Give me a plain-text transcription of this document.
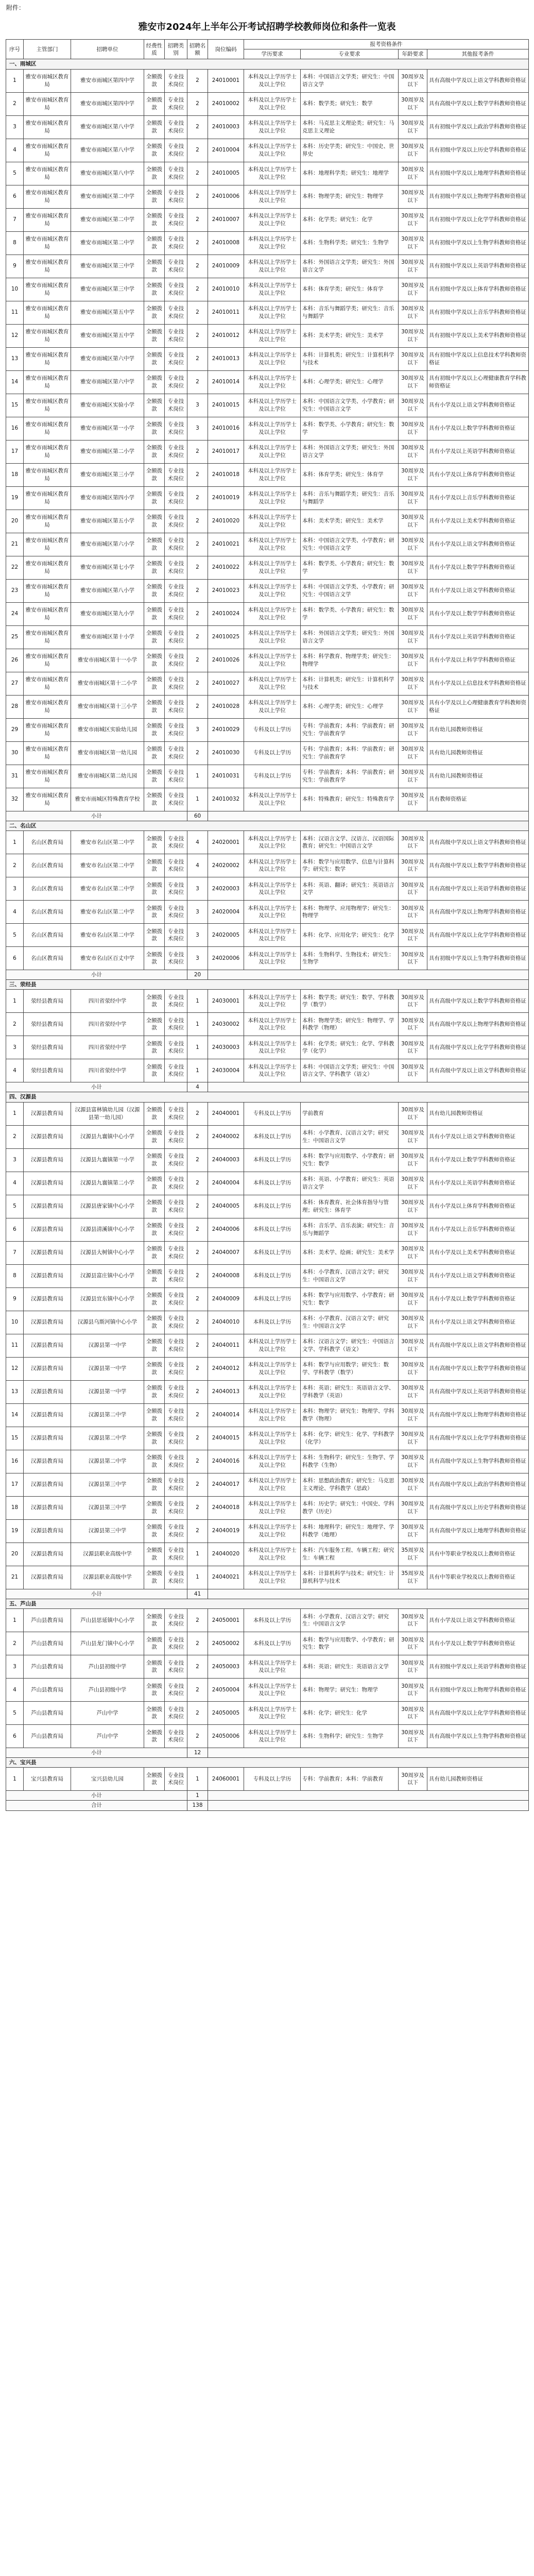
附件：
雅安市2024年上半年公开考试招聘学校教师岗位和条件一览表
序号	主管部门	招聘单位	经费性质	招聘类别	招聘名额	岗位编码	报考资格条件			
							学历要求	专业要求	年龄要求	其他报考条件
一、雨城区										
1	雅安市雨城区教育局	雅安市雨城区第四中学	全额拨款	专业技术岗位	2	24010001	本科及以上学历学士及以上学位	本科：中国语言文学类；研究生：中国语言文学	30周岁及以下	具有高级中学及以上语文学科教师资格证
2	雅安市雨城区教育局	雅安市雨城区第四中学	全额拨款	专业技术岗位	2	24010002	本科及以上学历学士及以上学位	本科：数学类；研究生：数学	30周岁及以下	具有高级中学及以上数学学科教师资格证
3	雅安市雨城区教育局	雅安市雨城区第八中学	全额拨款	专业技术岗位	2	24010003	本科及以上学历学士及以上学位	本科：马克思主义理论类；研究生：马克思主义理论	30周岁及以下	具有初级中学及以上政治学科教师资格证
4	雅安市雨城区教育局	雅安市雨城区第八中学	全额拨款	专业技术岗位	2	24010004	本科及以上学历学士及以上学位	本科：历史学类；研究生：中国史、世界史	30周岁及以下	具有初级中学及以上历史学科教师资格证
5	雅安市雨城区教育局	雅安市雨城区第八中学	全额拨款	专业技术岗位	2	24010005	本科及以上学历学士及以上学位	本科：地理科学类；研究生：地理学	30周岁及以下	具有初级中学及以上地理学科教师资格证
6	雅安市雨城区教育局	雅安市雨城区第二中学	全额拨款	专业技术岗位	2	24010006	本科及以上学历学士及以上学位	本科：物理学类；研究生：物理学	30周岁及以下	具有初级中学及以上物理学科教师资格证
7	雅安市雨城区教育局	雅安市雨城区第二中学	全额拨款	专业技术岗位	2	24010007	本科及以上学历学士及以上学位	本科：化学类；研究生：化学	30周岁及以下	具有初级中学及以上化学学科教师资格证
8	雅安市雨城区教育局	雅安市雨城区第二中学	全额拨款	专业技术岗位	2	24010008	本科及以上学历学士及以上学位	本科：生物科学类；研究生：生物学	30周岁及以下	具有初级中学及以上生物学科教师资格证
9	雅安市雨城区教育局	雅安市雨城区第三中学	全额拨款	专业技术岗位	2	24010009	本科及以上学历学士及以上学位	本科：外国语言文学类；研究生：外国语言文学	30周岁及以下	具有初级中学及以上英语学科教师资格证
10	雅安市雨城区教育局	雅安市雨城区第三中学	全额拨款	专业技术岗位	2	24010010	本科及以上学历学士及以上学位	本科：体育学类；研究生：体育学	30周岁及以下	具有初级中学及以上体育学科教师资格证
11	雅安市雨城区教育局	雅安市雨城区第五中学	全额拨款	专业技术岗位	2	24010011	本科及以上学历学士及以上学位	本科：音乐与舞蹈学类；研究生：音乐与舞蹈学	30周岁及以下	具有初级中学及以上音乐学科教师资格证
12	雅安市雨城区教育局	雅安市雨城区第五中学	全额拨款	专业技术岗位	2	24010012	本科及以上学历学士及以上学位	本科：美术学类；研究生：美术学	30周岁及以下	具有初级中学及以上美术学科教师资格证
13	雅安市雨城区教育局	雅安市雨城区第六中学	全额拨款	专业技术岗位	2	24010013	本科及以上学历学士及以上学位	本科：计算机类；研究生：计算机科学与技术	30周岁及以下	具有初级中学及以上信息技术学科教师资格证
14	雅安市雨城区教育局	雅安市雨城区第六中学	全额拨款	专业技术岗位	2	24010014	本科及以上学历学士及以上学位	本科：心理学类；研究生：心理学	30周岁及以下	具有初级中学及以上心理健康教育学科教师资格证
15	雅安市雨城区教育局	雅安市雨城区实验小学	全额拨款	专业技术岗位	3	24010015	本科及以上学历学士及以上学位	本科：中国语言文学类、小学教育；研究生：中国语言文学	30周岁及以下	具有小学及以上语文学科教师资格证
16	雅安市雨城区教育局	雅安市雨城区第一小学	全额拨款	专业技术岗位	3	24010016	本科及以上学历学士及以上学位	本科：数学类、小学教育；研究生：数学	30周岁及以下	具有小学及以上数学学科教师资格证
17	雅安市雨城区教育局	雅安市雨城区第二小学	全额拨款	专业技术岗位	2	24010017	本科及以上学历学士及以上学位	本科：外国语言文学类；研究生：外国语言文学	30周岁及以下	具有小学及以上英语学科教师资格证
18	雅安市雨城区教育局	雅安市雨城区第三小学	全额拨款	专业技术岗位	2	24010018	本科及以上学历学士及以上学位	本科：体育学类；研究生：体育学	30周岁及以下	具有小学及以上体育学科教师资格证
19	雅安市雨城区教育局	雅安市雨城区第四小学	全额拨款	专业技术岗位	2	24010019	本科及以上学历学士及以上学位	本科：音乐与舞蹈学类；研究生：音乐与舞蹈学	30周岁及以下	具有小学及以上音乐学科教师资格证
20	雅安市雨城区教育局	雅安市雨城区第五小学	全额拨款	专业技术岗位	2	24010020	本科及以上学历学士及以上学位	本科：美术学类；研究生：美术学	30周岁及以下	具有小学及以上美术学科教师资格证
21	雅安市雨城区教育局	雅安市雨城区第六小学	全额拨款	专业技术岗位	2	24010021	本科及以上学历学士及以上学位	本科：中国语言文学类、小学教育；研究生：中国语言文学	30周岁及以下	具有小学及以上语文学科教师资格证
22	雅安市雨城区教育局	雅安市雨城区第七小学	全额拨款	专业技术岗位	2	24010022	本科及以上学历学士及以上学位	本科：数学类、小学教育；研究生：数学	30周岁及以下	具有小学及以上数学学科教师资格证
23	雅安市雨城区教育局	雅安市雨城区第八小学	全额拨款	专业技术岗位	2	24010023	本科及以上学历学士及以上学位	本科：中国语言文学类、小学教育；研究生：中国语言文学	30周岁及以下	具有小学及以上语文学科教师资格证
24	雅安市雨城区教育局	雅安市雨城区第九小学	全额拨款	专业技术岗位	2	24010024	本科及以上学历学士及以上学位	本科：数学类、小学教育；研究生：数学	30周岁及以下	具有小学及以上数学学科教师资格证
25	雅安市雨城区教育局	雅安市雨城区第十小学	全额拨款	专业技术岗位	2	24010025	本科及以上学历学士及以上学位	本科：外国语言文学类；研究生：外国语言文学	30周岁及以下	具有小学及以上英语学科教师资格证
26	雅安市雨城区教育局	雅安市雨城区第十一小学	全额拨款	专业技术岗位	2	24010026	本科及以上学历学士及以上学位	本科：科学教育、物理学类；研究生：物理学	30周岁及以下	具有小学及以上科学学科教师资格证
27	雅安市雨城区教育局	雅安市雨城区第十二小学	全额拨款	专业技术岗位	2	24010027	本科及以上学历学士及以上学位	本科：计算机类；研究生：计算机科学与技术	30周岁及以下	具有小学及以上信息技术学科教师资格证
28	雅安市雨城区教育局	雅安市雨城区第十三小学	全额拨款	专业技术岗位	2	24010028	本科及以上学历学士及以上学位	本科：心理学类；研究生：心理学	30周岁及以下	具有小学及以上心理健康教育学科教师资格证
29	雅安市雨城区教育局	雅安市雨城区实验幼儿园	全额拨款	专业技术岗位	3	24010029	专科及以上学历	专科：学前教育；本科：学前教育；研究生：学前教育学	30周岁及以下	具有幼儿园教师资格证
30	雅安市雨城区教育局	雅安市雨城区第一幼儿园	全额拨款	专业技术岗位	2	24010030	专科及以上学历	专科：学前教育；本科：学前教育；研究生：学前教育学	30周岁及以下	具有幼儿园教师资格证
31	雅安市雨城区教育局	雅安市雨城区第二幼儿园	全额拨款	专业技术岗位	1	24010031	专科及以上学历	专科：学前教育；本科：学前教育；研究生：学前教育学	30周岁及以下	具有幼儿园教师资格证
32	雅安市雨城区教育局	雅安市雨城区特殊教育学校	全额拨款	专业技术岗位	1	24010032	本科及以上学历学士及以上学位	本科：特殊教育；研究生：特殊教育学	30周岁及以下	具有教师资格证
小计					60					
二、名山区										
1	名山区教育局	雅安市名山区第二中学	全额拨款	专业技术岗位	4	24020001	本科及以上学历学士及以上学位	本科：汉语言文学、汉语言、汉语国际教育；研究生：中国语言文学	30周岁及以下	具有高级中学及以上语文学科教师资格证
2	名山区教育局	雅安市名山区第二中学	全额拨款	专业技术岗位	4	24020002	本科及以上学历学士及以上学位	本科：数学与应用数学、信息与计算科学；研究生：数学	30周岁及以下	具有高级中学及以上数学学科教师资格证
3	名山区教育局	雅安市名山区第二中学	全额拨款	专业技术岗位	3	24020003	本科及以上学历学士及以上学位	本科：英语、翻译；研究生：英语语言文学	30周岁及以下	具有高级中学及以上英语学科教师资格证
4	名山区教育局	雅安市名山区第二中学	全额拨款	专业技术岗位	3	24020004	本科及以上学历学士及以上学位	本科：物理学、应用物理学；研究生：物理学	30周岁及以下	具有高级中学及以上物理学科教师资格证
5	名山区教育局	雅安市名山区第二中学	全额拨款	专业技术岗位	3	24020005	本科及以上学历学士及以上学位	本科：化学、应用化学；研究生：化学	30周岁及以下	具有高级中学及以上化学学科教师资格证
6	名山区教育局	雅安市名山区百丈中学	全额拨款	专业技术岗位	3	24020006	本科及以上学历学士及以上学位	本科：生物科学、生物技术；研究生：生物学	30周岁及以下	具有初级中学及以上生物学科教师资格证
小计					20					
三、荥经县										
1	荥经县教育局	四川省荥经中学	全额拨款	专业技术岗位	1	24030001	本科及以上学历学士及以上学位	本科：数学类；研究生：数学、学科教学（数学）	30周岁及以下	具有高级中学及以上数学学科教师资格证
2	荥经县教育局	四川省荥经中学	全额拨款	专业技术岗位	1	24030002	本科及以上学历学士及以上学位	本科：物理学类；研究生：物理学、学科教学（物理）	30周岁及以下	具有高级中学及以上物理学科教师资格证
3	荥经县教育局	四川省荥经中学	全额拨款	专业技术岗位	1	24030003	本科及以上学历学士及以上学位	本科：化学类；研究生：化学、学科教学（化学）	30周岁及以下	具有高级中学及以上化学学科教师资格证
4	荥经县教育局	四川省荥经中学	全额拨款	专业技术岗位	1	24030004	本科及以上学历学士及以上学位	本科：中国语言文学类；研究生：中国语言文学、学科教学（语文）	30周岁及以下	具有高级中学及以上语文学科教师资格证
小计					4					
四、汉源县										
1	汉源县教育局	汉源县富林镇幼儿园（汉源县第一幼儿园）	全额拨款	专业技术岗位	2	24040001	专科及以上学历	学前教育	30周岁及以下	具有幼儿园教师资格证
2	汉源县教育局	汉源县九襄镇中心小学	全额拨款	专业技术岗位	2	24040002	本科及以上学历	本科：小学教育、汉语言文学；研究生：中国语言文学	30周岁及以下	具有小学及以上语文学科教师资格证
3	汉源县教育局	汉源县九襄镇第一小学	全额拨款	专业技术岗位	2	24040003	本科及以上学历	本科：数学与应用数学、小学教育；研究生：数学	30周岁及以下	具有小学及以上数学学科教师资格证
4	汉源县教育局	汉源县九襄镇第二小学	全额拨款	专业技术岗位	2	24040004	本科及以上学历	本科：英语、小学教育；研究生：英语语言文学	30周岁及以下	具有小学及以上英语学科教师资格证
5	汉源县教育局	汉源县唐家镇中心小学	全额拨款	专业技术岗位	2	24040005	本科及以上学历	本科：体育教育、社会体育指导与管理；研究生：体育学	30周岁及以下	具有小学及以上体育学科教师资格证
6	汉源县教育局	汉源县清溪镇中心小学	全额拨款	专业技术岗位	2	24040006	本科及以上学历	本科：音乐学、音乐表演；研究生：音乐与舞蹈学	30周岁及以下	具有小学及以上音乐学科教师资格证
7	汉源县教育局	汉源县大树镇中心小学	全额拨款	专业技术岗位	2	24040007	本科及以上学历	本科：美术学、绘画；研究生：美术学	30周岁及以下	具有小学及以上美术学科教师资格证
8	汉源县教育局	汉源县富庄镇中心小学	全额拨款	专业技术岗位	2	24040008	本科及以上学历	本科：小学教育、汉语言文学；研究生：中国语言文学	30周岁及以下	具有小学及以上语文学科教师资格证
9	汉源县教育局	汉源县宜东镇中心小学	全额拨款	专业技术岗位	2	24040009	本科及以上学历	本科：数学与应用数学、小学教育；研究生：数学	30周岁及以下	具有小学及以上数学学科教师资格证
10	汉源县教育局	汉源县乌斯河镇中心小学	全额拨款	专业技术岗位	2	24040010	本科及以上学历	本科：小学教育、汉语言文学；研究生：中国语言文学	30周岁及以下	具有小学及以上语文学科教师资格证
11	汉源县教育局	汉源县第一中学	全额拨款	专业技术岗位	2	24040011	本科及以上学历学士及以上学位	本科：汉语言文学；研究生：中国语言文学、学科教学（语文）	30周岁及以下	具有高级中学及以上语文学科教师资格证
12	汉源县教育局	汉源县第一中学	全额拨款	专业技术岗位	2	24040012	本科及以上学历学士及以上学位	本科：数学与应用数学；研究生：数学、学科教学（数学）	30周岁及以下	具有高级中学及以上数学学科教师资格证
13	汉源县教育局	汉源县第一中学	全额拨款	专业技术岗位	2	24040013	本科及以上学历学士及以上学位	本科：英语；研究生：英语语言文学、学科教学（英语）	30周岁及以下	具有高级中学及以上英语学科教师资格证
14	汉源县教育局	汉源县第二中学	全额拨款	专业技术岗位	2	24040014	本科及以上学历学士及以上学位	本科：物理学；研究生：物理学、学科教学（物理）	30周岁及以下	具有高级中学及以上物理学科教师资格证
15	汉源县教育局	汉源县第二中学	全额拨款	专业技术岗位	2	24040015	本科及以上学历学士及以上学位	本科：化学；研究生：化学、学科教学（化学）	30周岁及以下	具有高级中学及以上化学学科教师资格证
16	汉源县教育局	汉源县第二中学	全额拨款	专业技术岗位	2	24040016	本科及以上学历学士及以上学位	本科：生物科学；研究生：生物学、学科教学（生物）	30周岁及以下	具有高级中学及以上生物学科教师资格证
17	汉源县教育局	汉源县第三中学	全额拨款	专业技术岗位	2	24040017	本科及以上学历学士及以上学位	本科：思想政治教育；研究生：马克思主义理论、学科教学（思政）	30周岁及以下	具有高级中学及以上政治学科教师资格证
18	汉源县教育局	汉源县第三中学	全额拨款	专业技术岗位	2	24040018	本科及以上学历学士及以上学位	本科：历史学；研究生：中国史、学科教学（历史）	30周岁及以下	具有高级中学及以上历史学科教师资格证
19	汉源县教育局	汉源县第三中学	全额拨款	专业技术岗位	2	24040019	本科及以上学历学士及以上学位	本科：地理科学；研究生：地理学、学科教学（地理）	30周岁及以下	具有高级中学及以上地理学科教师资格证
20	汉源县教育局	汉源县职业高级中学	全额拨款	专业技术岗位	1	24040020	本科及以上学历学士及以上学位	本科：汽车服务工程、车辆工程；研究生：车辆工程	35周岁及以下	具有中等职业学校及以上教师资格证
21	汉源县教育局	汉源县职业高级中学	全额拨款	专业技术岗位	1	24040021	本科及以上学历学士及以上学位	本科：计算机科学与技术；研究生：计算机科学与技术	35周岁及以下	具有中等职业学校及以上教师资格证
小计					41					
五、芦山县										
1	芦山县教育局	芦山县思延镇中心小学	全额拨款	专业技术岗位	2	24050001	本科及以上学历	本科：小学教育、汉语言文学；研究生：中国语言文学	30周岁及以下	具有小学及以上语文学科教师资格证
2	芦山县教育局	芦山县龙门镇中心小学	全额拨款	专业技术岗位	2	24050002	本科及以上学历	本科：数学与应用数学、小学教育；研究生：数学	30周岁及以下	具有小学及以上数学学科教师资格证
3	芦山县教育局	芦山县初级中学	全额拨款	专业技术岗位	2	24050003	本科及以上学历学士及以上学位	本科：英语；研究生：英语语言文学	30周岁及以下	具有初级中学及以上英语学科教师资格证
4	芦山县教育局	芦山县初级中学	全额拨款	专业技术岗位	2	24050004	本科及以上学历学士及以上学位	本科：物理学；研究生：物理学	30周岁及以下	具有初级中学及以上物理学科教师资格证
5	芦山县教育局	芦山中学	全额拨款	专业技术岗位	2	24050005	本科及以上学历学士及以上学位	本科：化学；研究生：化学	30周岁及以下	具有高级中学及以上化学学科教师资格证
6	芦山县教育局	芦山中学	全额拨款	专业技术岗位	2	24050006	本科及以上学历学士及以上学位	本科：生物科学；研究生：生物学	30周岁及以下	具有高级中学及以上生物学科教师资格证
小计					12					
六、宝兴县										
1	宝兴县教育局	宝兴县幼儿园	全额拨款	专业技术岗位	1	24060001	专科及以上学历	专科：学前教育；本科：学前教育	30周岁及以下	具有幼儿园教师资格证
小计					1					
合计					138					
